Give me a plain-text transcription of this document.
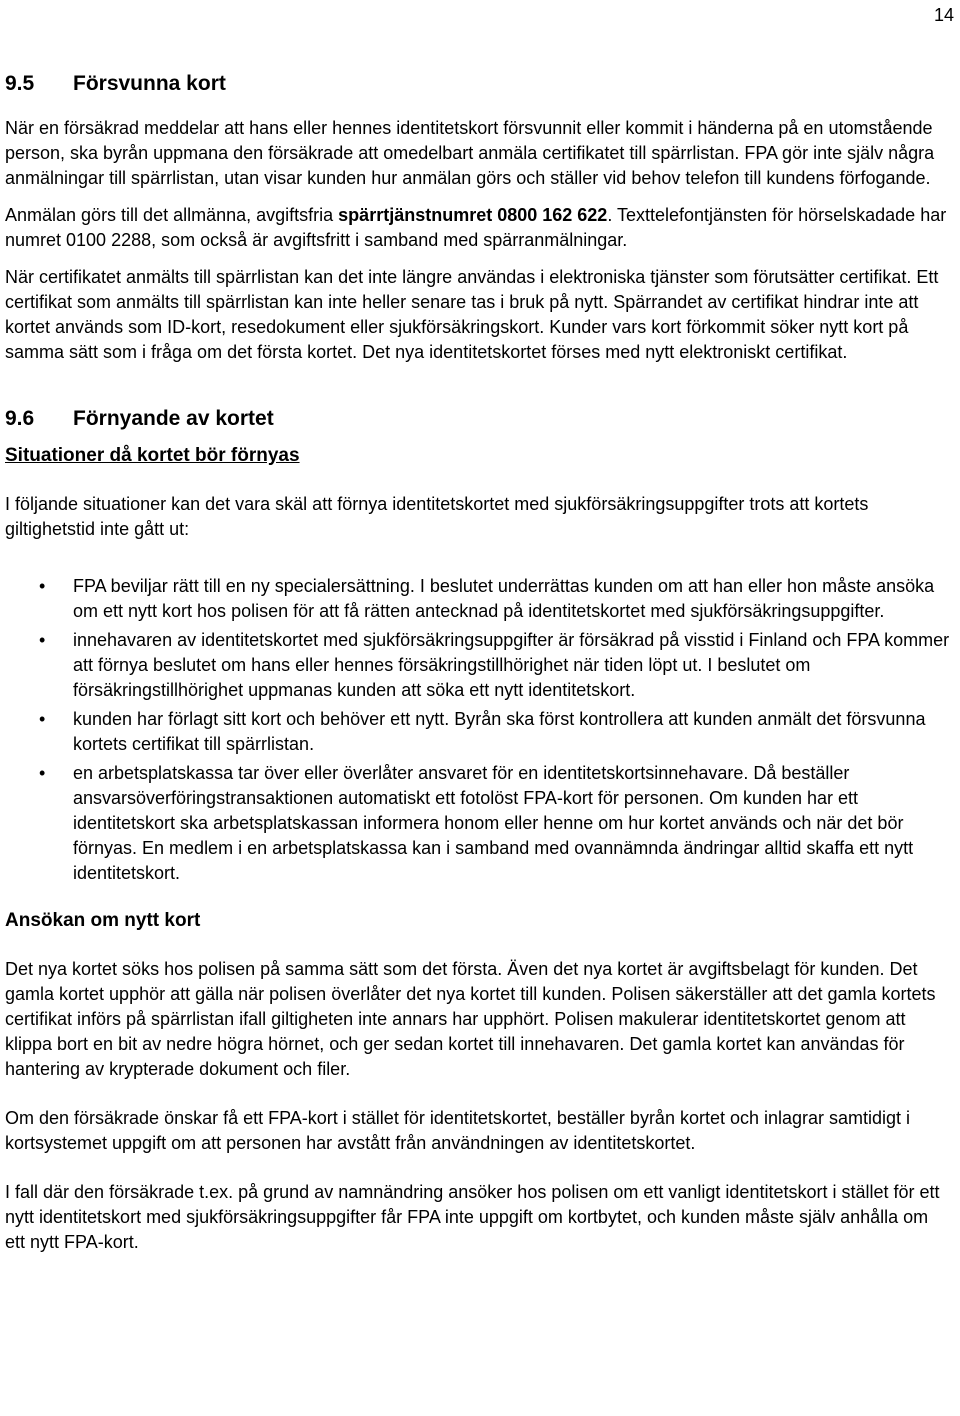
14
9.5 Försvunna kort

När en försäkrad meddelar att hans eller hennes identitetskort försvunnit eller kommit i händerna på en utomstående person, ska byrån uppmana den försäkrade att omedelbart anmäla certifikatet till spärrlistan. FPA gör inte själv några anmälningar till spärrlistan, utan visar kunden hur anmälan görs och ställer vid behov telefon till kundens förfogande.

Anmälan görs till det allmänna, avgiftsfria spärrtjänstnumret 0800 162 622. Texttelefontjänsten för hörselskadade har numret 0100 2288, som också är avgiftsfritt i samband med spärranmälningar.

När certifikatet anmälts till spärrlistan kan det inte längre användas i elektroniska tjänster som förutsätter certifikat. Ett certifikat som anmälts till spärrlistan kan inte heller senare tas i bruk på nytt. Spärrandet av certifikat hindrar inte att kortet används som ID-kort, resedokument eller sjukförsäkringskort. Kunder vars kort förkommit söker nytt kort på samma sätt som i fråga om det första kortet. Det nya identitetskortet förses med nytt elektroniskt certifikat.

9.6 Förnyande av kortet
Situationer då kortet bör förnyas

I följande situationer kan det vara skäl att förnya identitetskortet med sjukförsäkringsuppgifter trots att kortets giltighetstid inte gått ut:

• FPA beviljar rätt till en ny specialersättning. I beslutet underrättas kunden om att han eller hon måste ansöka om ett nytt kort hos polisen för att få rätten antecknad på identitetskortet med sjukförsäkringsuppgifter.
• innehavaren av identitetskortet med sjukförsäkringsuppgifter är försäkrad på visstid i Finland och FPA kommer att förnya beslutet om hans eller hennes försäkringstillhörighet när tiden löpt ut. I beslutet om försäkringstillhörighet uppmanas kunden att söka ett nytt identitetskort.
• kunden har förlagt sitt kort och behöver ett nytt. Byrån ska först kontrollera att kunden anmält det försvunna kortets certifikat till spärrlistan.
• en arbetsplatskassa tar över eller överlåter ansvaret för en identitetskortsinnehavare. Då beställer ansvarsöverföringstransaktionen automatiskt ett fotolöst FPA-kort för personen. Om kunden har ett identitetskort ska arbetsplatskassan informera honom eller henne om hur kortet används och när det bör förnyas. En medlem i en arbetsplatskassa kan i samband med ovannämnda ändringar alltid skaffa ett nytt identitetskort.
Ansökan om nytt kort

Det nya kortet söks hos polisen på samma sätt som det första. Även det nya kortet är avgiftsbelagt för kunden. Det gamla kortet upphör att gälla när polisen överlåter det nya kortet till kunden. Polisen säkerställer att det gamla kortets certifikat införs på spärrlistan ifall giltigheten inte annars har upphört. Polisen makulerar identitetskortet genom att klippa bort en bit av nedre högra hörnet, och ger sedan kortet till innehavaren. Det gamla kortet kan användas för hantering av krypterade dokument och filer.

Om den försäkrade önskar få ett FPA-kort i stället för identitetskortet, beställer byrån kortet och inlagrar samtidigt i kortsystemet uppgift om att personen har avstått från användningen av identitetskortet.

I fall där den försäkrade t.ex. på grund av namnändring ansöker hos polisen om ett vanligt identitetskort i stället för ett nytt identitetskort med sjukförsäkringsuppgifter får FPA inte uppgift om kortbytet, och kunden måste själv anhålla om ett nytt FPA-kort.
